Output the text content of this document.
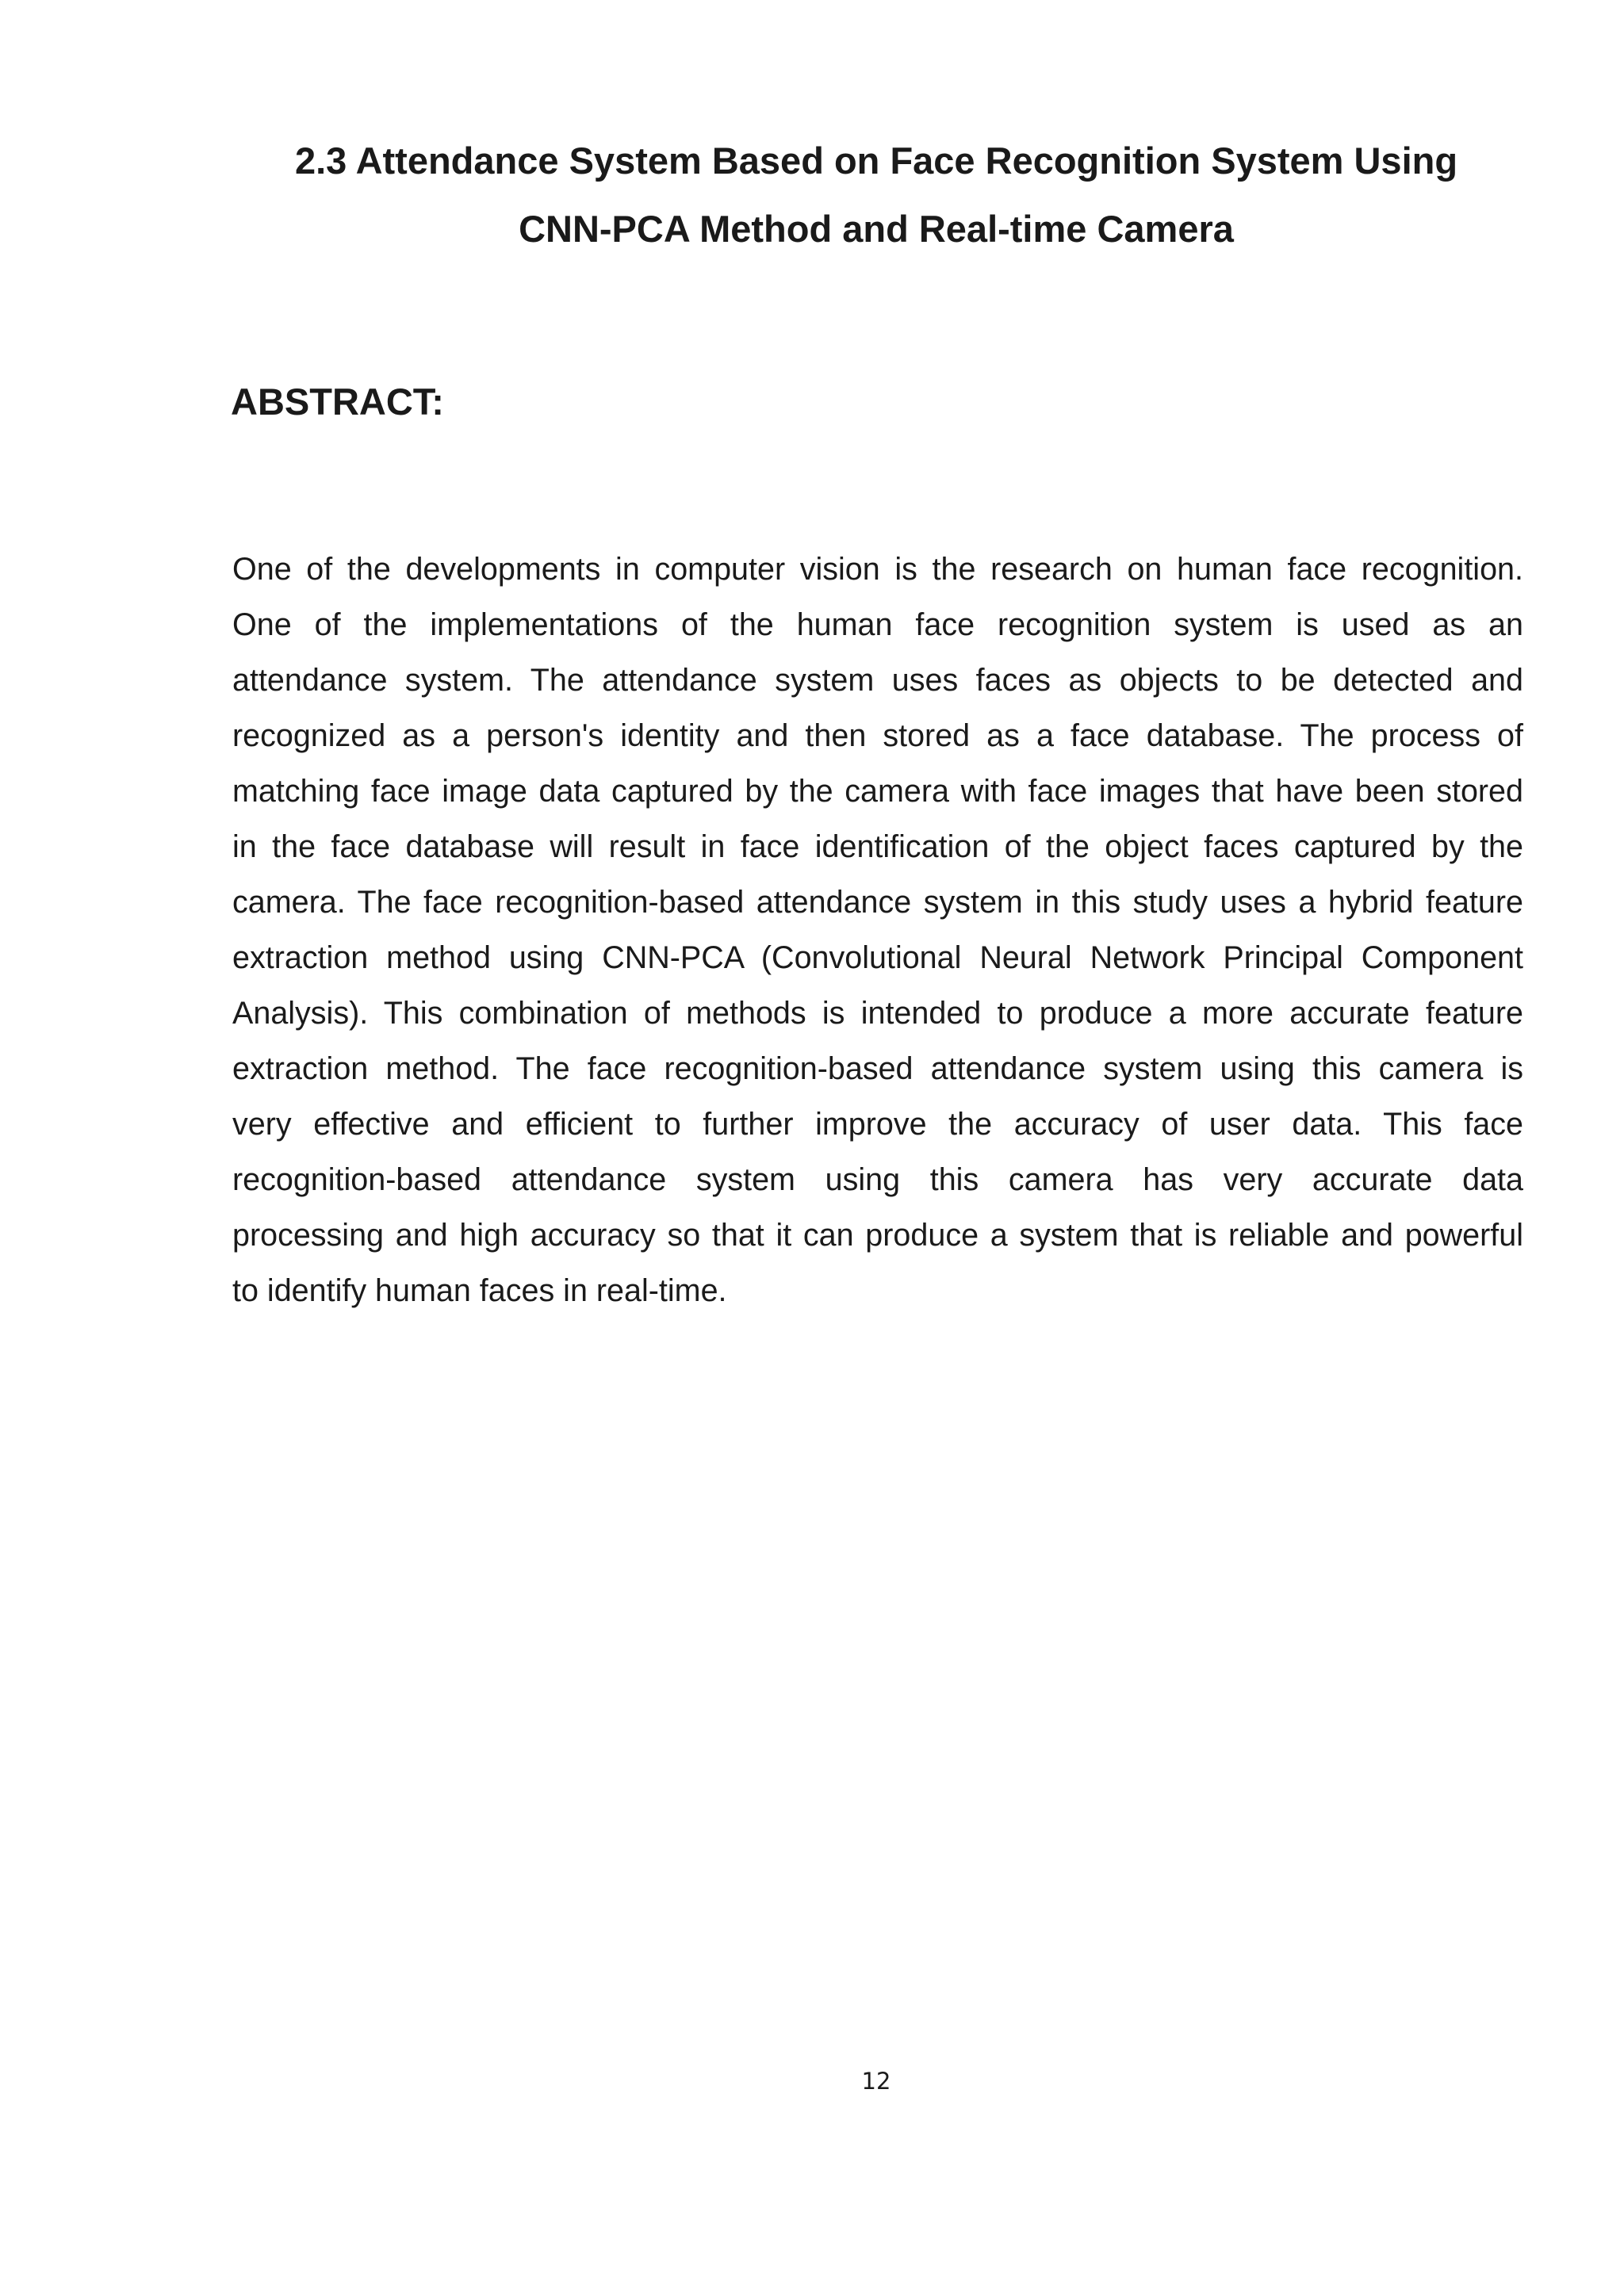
2.3 Attendance System Based on Face Recognition System Using
CNN-PCA Method and Real-time Camera
ABSTRACT:
One of the developments in computer vision is the research on human face recognition.
One of the implementations of the human face recognition system is used as an
attendance system. The attendance system uses faces as objects to be detected and
recognized as a person's identity and then stored as a face database. The process of
matching face image data captured by the camera with face images that have been stored
in the face database will result in face identification of the object faces captured by the
camera. The face recognition-based attendance system in this study uses a hybrid feature
extraction method using CNN-PCA (Convolutional Neural Network Principal Component
Analysis). This combination of methods is intended to produce a more accurate feature
extraction method. The face recognition-based attendance system using this camera is
very effective and efficient to further improve the accuracy of user data. This face
recognition-based attendance system using this camera has very accurate data
processing and high accuracy so that it can produce a system that is reliable and powerful
to identify human faces in real-time.

12
